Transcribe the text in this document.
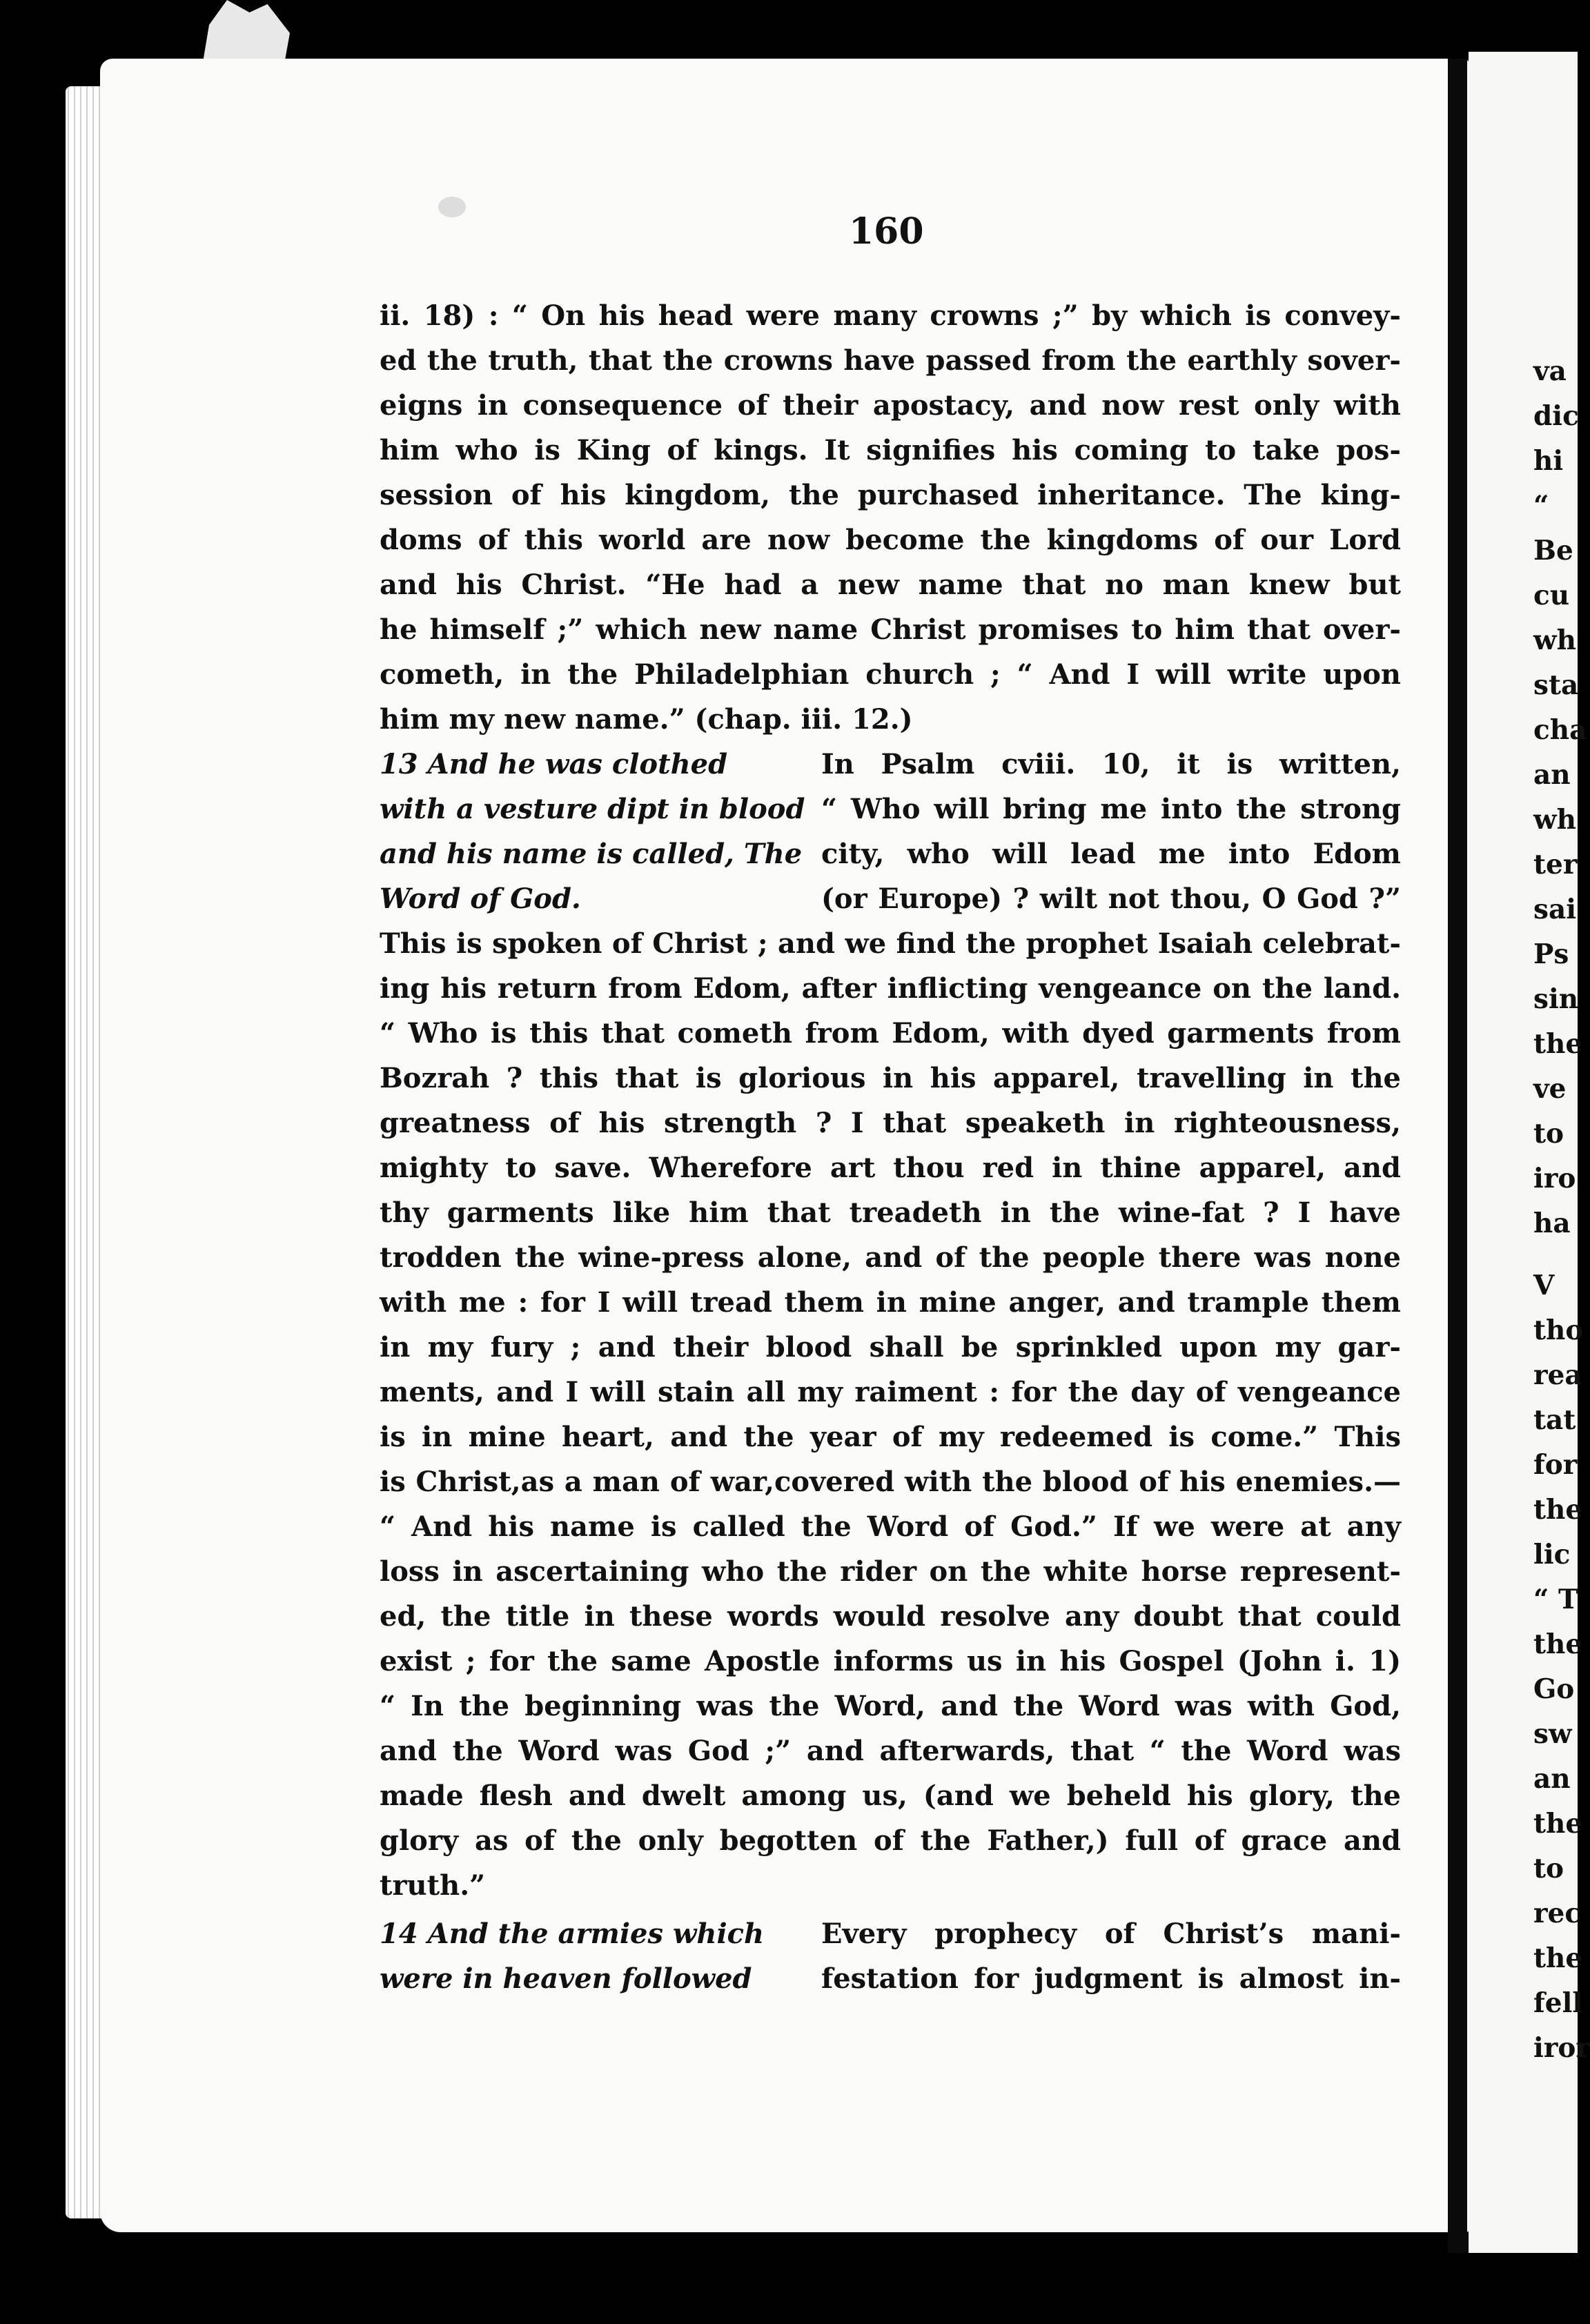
va
dic
hi
“
Be
cu
wh
sta
cha
an
wh
ter
sai
Ps
sin
the
ve
to
iro
ha
V
tho
rea
tat
for
the
lic
“ T
the
Go
sw
an
the
to
rec
the
fell
iror
160
ii. 18) : “ On his head were many crowns ;” by which is convey-
ed the truth, that the crowns have passed from the earthly sover-
eigns in consequence of their apostacy, and now rest only with
him who is King of kings. It signifies his coming to take pos-
session of his kingdom, the purchased inheritance. The king-
doms of this world are now become the kingdoms of our Lord
and his Christ. “He had a new name that no man knew but
he himself ;” which new name Christ promises to him that over-
cometh, in the Philadelphian church ; “ And I will write upon
him my new name.” (chap. iii. 12.)
13 And he was clothed	In Psalm cviii. 10, it is written,
with a vesture dipt in blood “ Who will bring me into the strong
and his name is called, The city, who will lead me into Edom
Word of God.	(or Europe) ? wilt not thou, O God ?”
This is spoken of Christ ; and we find the prophet Isaiah celebrat-
ing his return from Edom, after inflicting vengeance on the land.
“ Who is this that cometh from Edom, with dyed garments from
Bozrah ? this that is glorious in his apparel, travelling in the
greatness of his strength ? I that speaketh in righteousness,
mighty to save. Wherefore art thou red in thine apparel, and
thy garments like him that treadeth in the wine-fat ? I have
trodden the wine-press alone, and of the people there was none
with me : for I will tread them in mine anger, and trample them
in my fury ; and their blood shall be sprinkled upon my gar-
ments, and I will stain all my raiment : for the day of vengeance
is in mine heart, and the year of my redeemed is come.” This
is Christ,as a man of war,covered with the blood of his enemies.—
“ And his name is called the Word of God.” If we were at any
loss in ascertaining who the rider on the white horse represent-
ed, the title in these words would resolve any doubt that could
exist ; for the same Apostle informs us in his Gospel (John i. 1)
“ In the beginning was the Word, and the Word was with God,
and the Word was God ;” and afterwards, that “ the Word was
made flesh and dwelt among us, (and we beheld his glory, the
glory as of the only begotten of the Father,) full of grace and
truth.”
14 And the armies which	Every prophecy of Christ’s mani-
were in heaven followed	festation for judgment is almost in-
